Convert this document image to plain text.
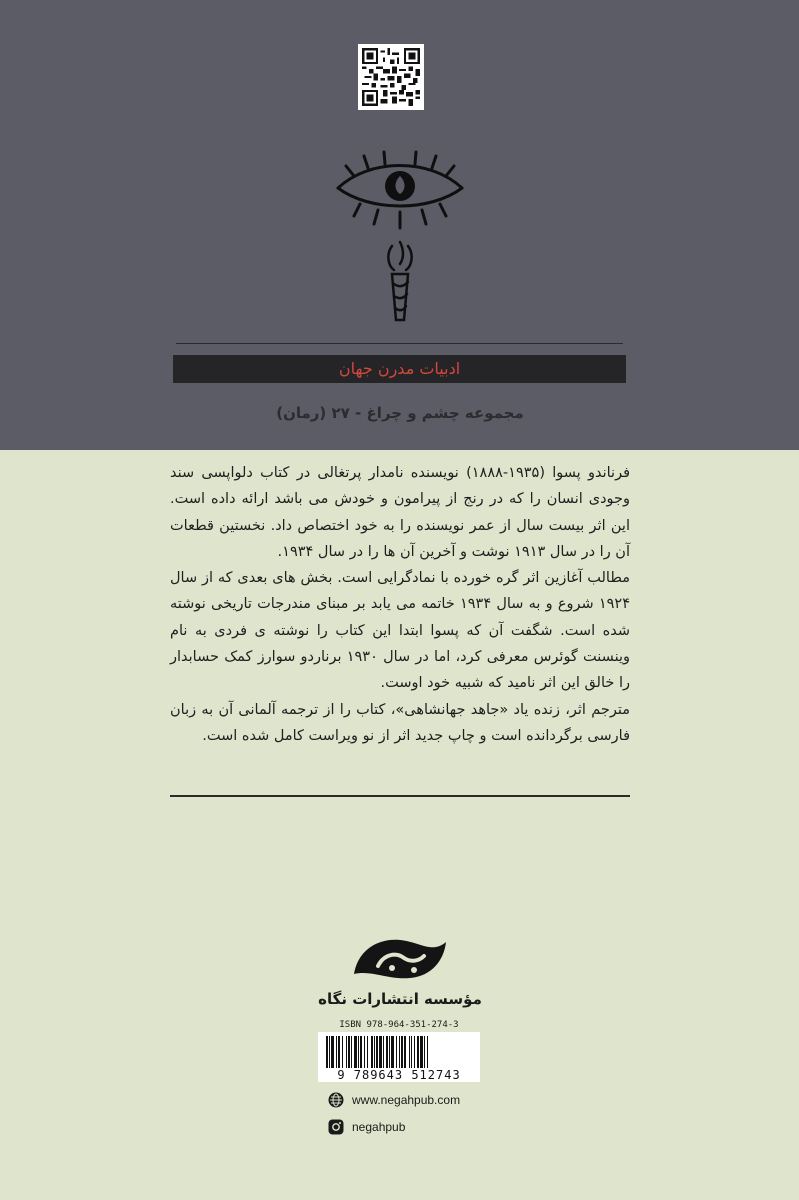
ادبیات مدرن جهان
مجموعه چشم و چراغ - ۲۷ (رمان)

فرناندو پسوا (۱۹۳۵-۱۸۸۸) نویسنده نامدار پرتغالی در کتاب دلواپسی سند وجودی انسان را که در رنج از پیرامون و خودش می باشد ارائه داده است. این اثر بیست سال از عمر نویسنده را به خود اختصاص داد. نخستین قطعات آن را در سال ۱۹۱۳ نوشت و آخرین آن ها را در سال ۱۹۳۴.

مطالب آغازین اثر گره خورده با نمادگرایی است. بخش های بعدی که از سال ۱۹۲۴ شروع و به سال ۱۹۳۴ خاتمه می یابد بر مبنای مندرجات تاریخی نوشته شده است. شگفت آن که پسوا ابتدا این کتاب را نوشته ی فردی به نام وینسنت گوئرس معرفی کرد، اما در سال ۱۹۳۰ برناردو سوارز کمک حسابدار را خالق این اثر نامید که شبیه خود اوست.

مترجم اثر، زنده یاد «جاهد جهانشاهی»، کتاب را از ترجمه آلمانی آن به زبان فارسی برگردانده است و چاپ جدید اثر از نو ویراست کامل شده است.

مؤسسه انتشارات نگاه
ISBN 978-964-351-274-3
9 789643 512743
www.negahpub.com
negahpub
